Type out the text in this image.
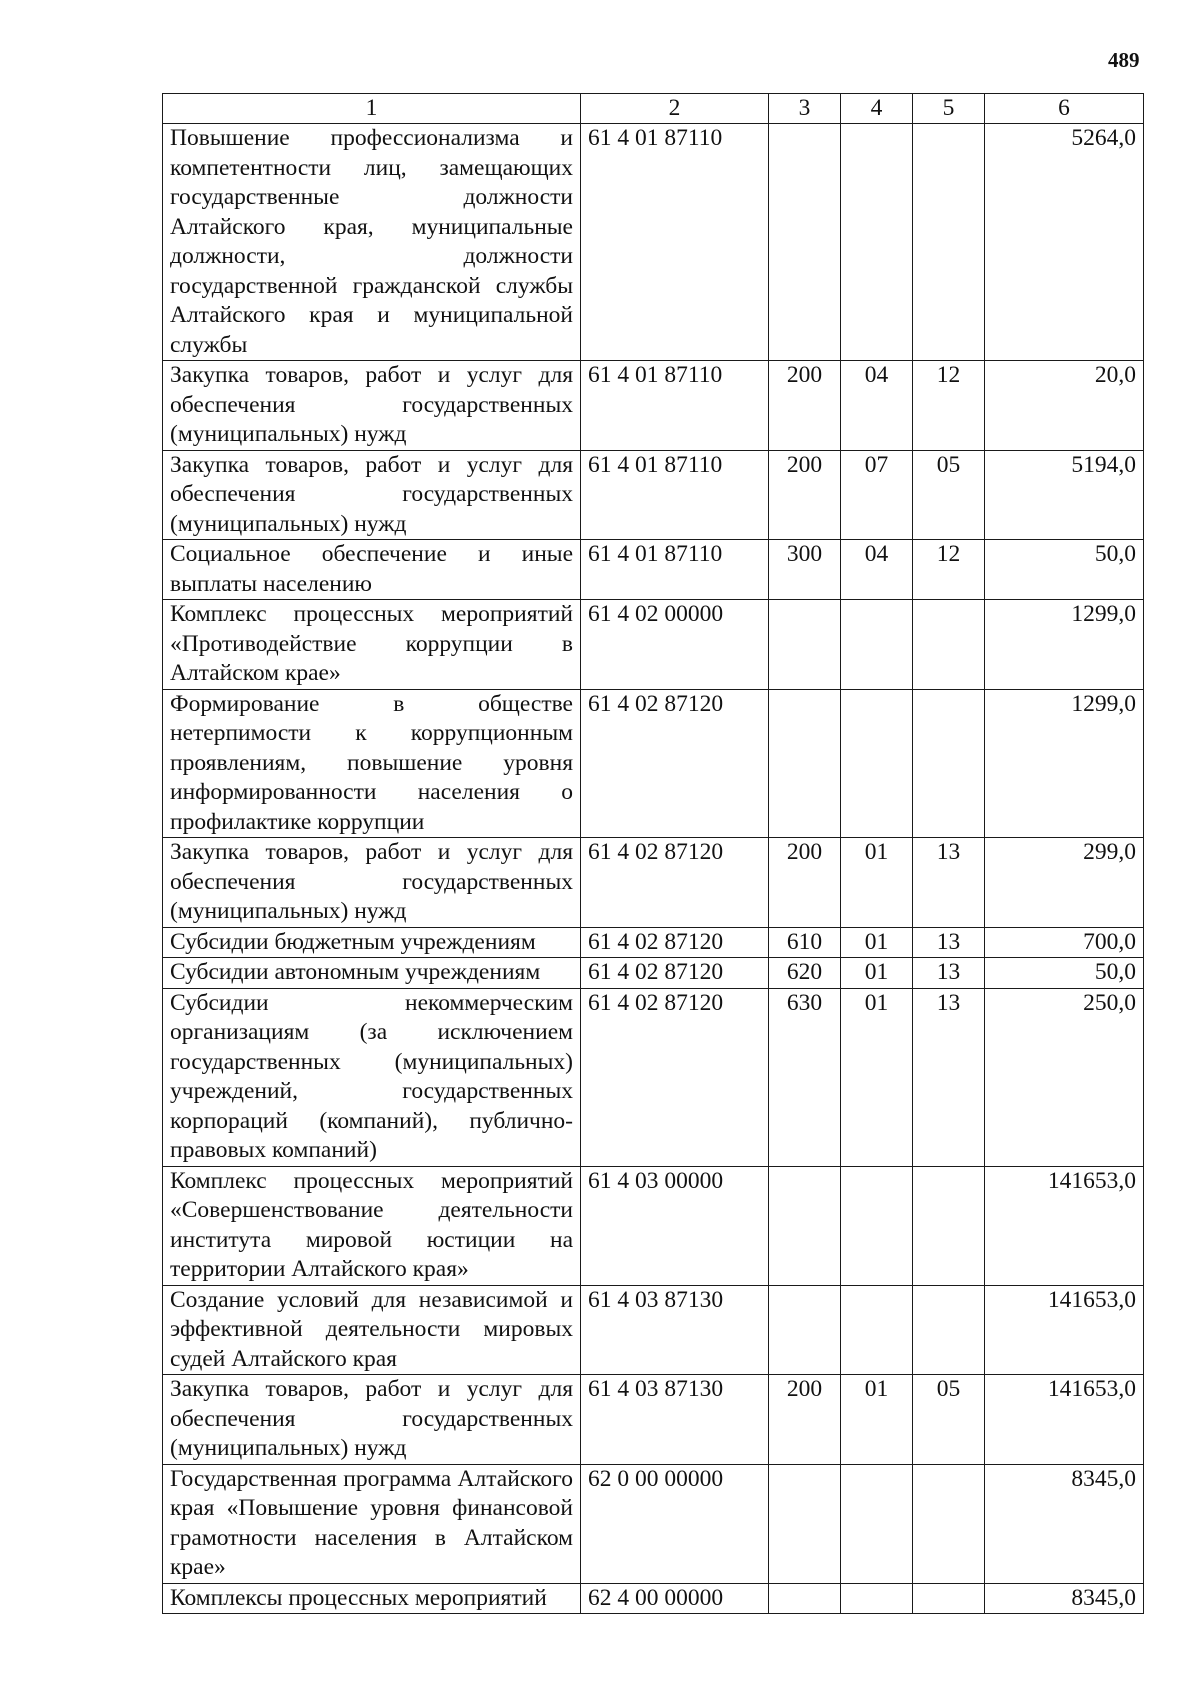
489
1	2	3	4	5	6
Повышение профессионализма и компетентности лиц, замещающих государственные должности Алтайского края, муниципальные должности, должности государственной гражданской службы Алтайского края и муниципальной службы	61 4 01 87110				5264,0
Закупка товаров, работ и услуг для обеспечения государственных (муниципальных) нужд	61 4 01 87110	200	04	12	20,0
Закупка товаров, работ и услуг для обеспечения государственных (муниципальных) нужд	61 4 01 87110	200	07	05	5194,0
Социальное обеспечение и иные выплаты населению	61 4 01 87110	300	04	12	50,0
Комплекс процессных мероприятий «Противодействие коррупции в Алтайском крае»	61 4 02 00000				1299,0
Формирование в обществе нетерпимости к коррупционным проявлениям, повышение уровня информированности населения о профилактике коррупции	61 4 02 87120				1299,0
Закупка товаров, работ и услуг для обеспечения государственных (муниципальных) нужд	61 4 02 87120	200	01	13	299,0
Субсидии бюджетным учреждениям	61 4 02 87120	610	01	13	700,0
Субсидии автономным учреждениям	61 4 02 87120	620	01	13	50,0
Субсидии некоммерческим организациям (за исключением государственных (муниципальных) учреждений, государственных корпораций (компаний), публично-правовых компаний)	61 4 02 87120	630	01	13	250,0
Комплекс процессных мероприятий «Совершенствование деятельности института мировой юстиции на территории Алтайского края»	61 4 03 00000				141653,0
Создание условий для независимой и эффективной деятельности мировых судей Алтайского края	61 4 03 87130				141653,0
Закупка товаров, работ и услуг для обеспечения государственных (муниципальных) нужд	61 4 03 87130	200	01	05	141653,0
Государственная программа Алтайского края «Повышение уровня финансовой грамотности населения в Алтайском крае»	62 0 00 00000				8345,0
Комплексы процессных мероприятий	62 4 00 00000				8345,0
